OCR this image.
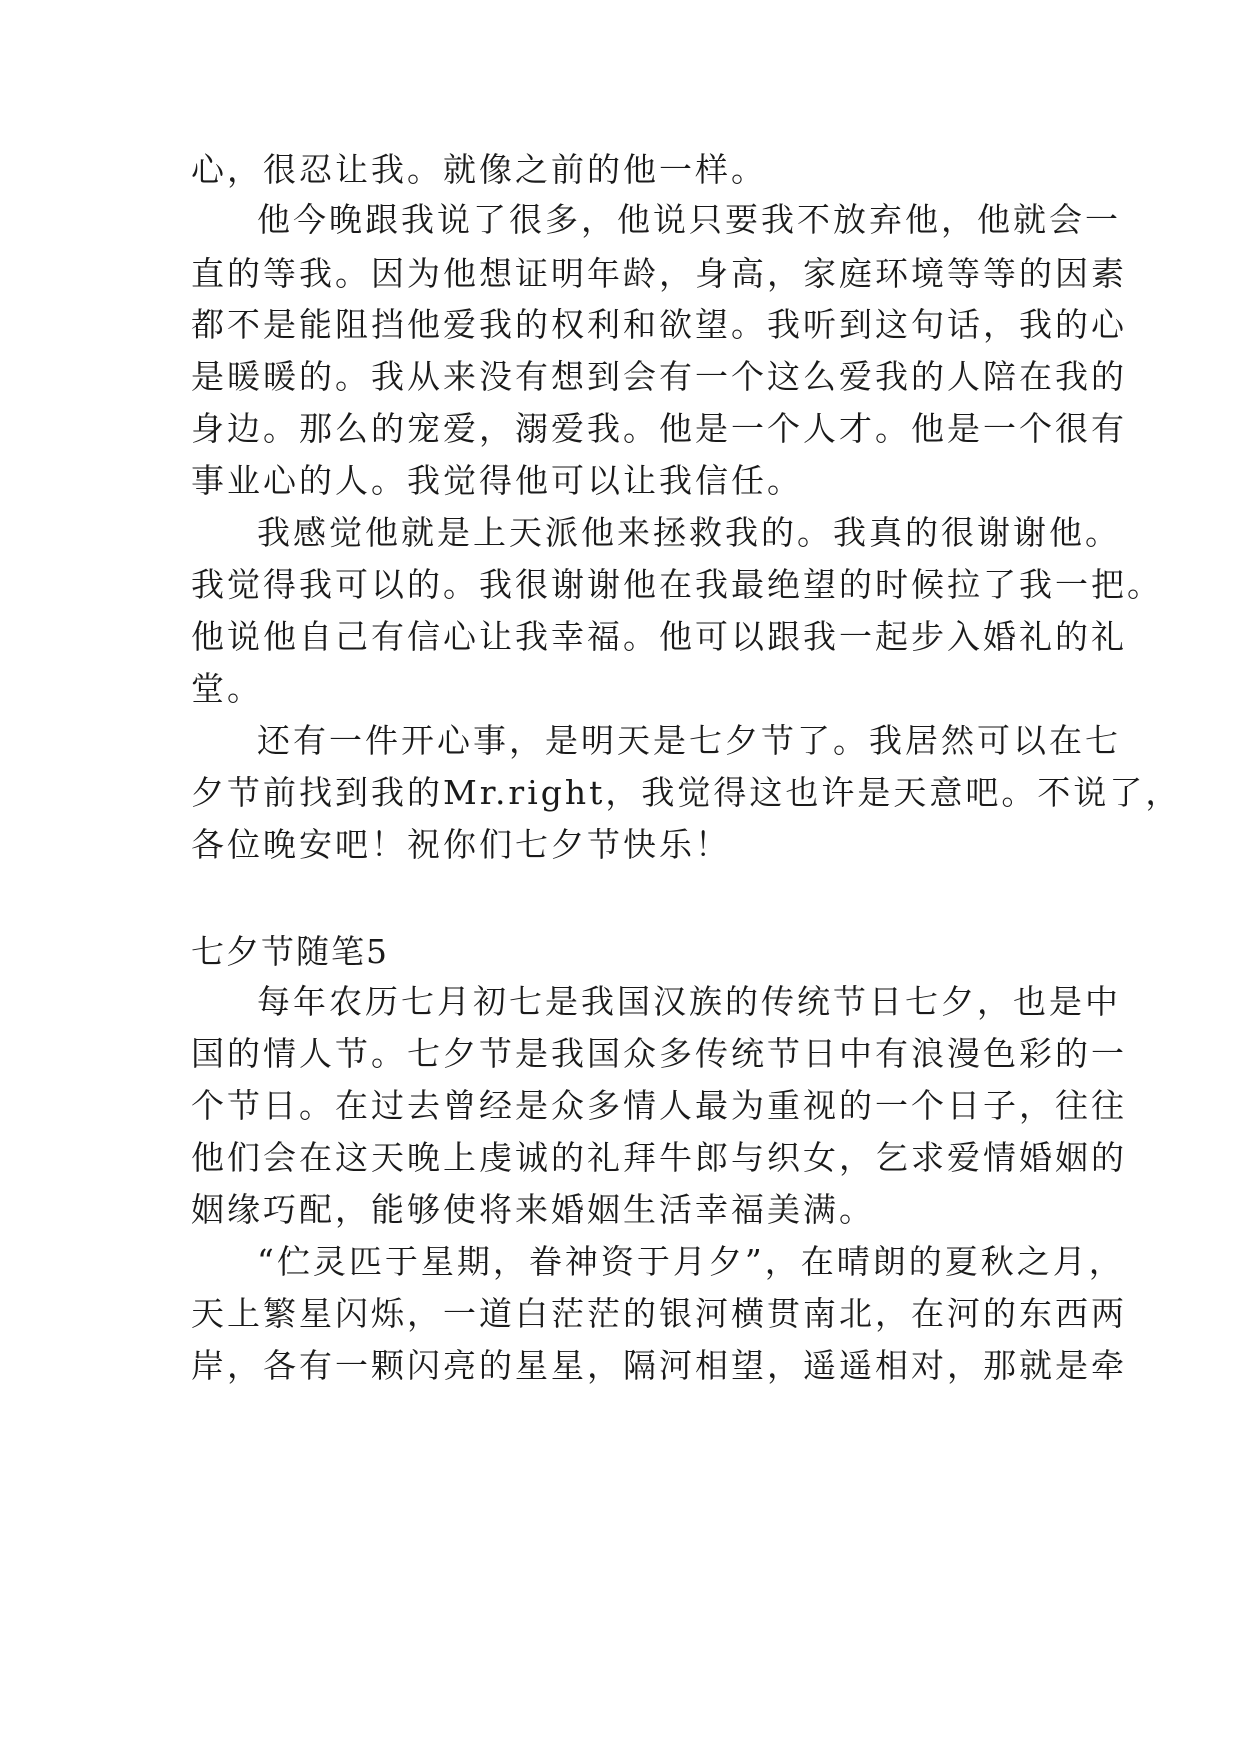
心，很忍让我。就像之前的他一样。
他今晚跟我说了很多，他说只要我不放弃他，他就会一
直的等我。因为他想证明年龄，身高，家庭环境等等的因素
都不是能阻挡他爱我的权利和欲望。我听到这句话，我的心
是暖暖的。我从来没有想到会有一个这么爱我的人陪在我的
身边。那么的宠爱，溺爱我。他是一个人才。他是一个很有
事业心的人。我觉得他可以让我信任。
我感觉他就是上天派他来拯救我的。我真的很谢谢他。
我觉得我可以的。我很谢谢他在我最绝望的时候拉了我一把。
他说他自己有信心让我幸福。他可以跟我一起步入婚礼的礼
堂。
还有一件开心事，是明天是七夕节了。我居然可以在七
夕节前找到我的Mr.right，我觉得这也许是天意吧。不说了，
各位晚安吧！祝你们七夕节快乐！
七夕节随笔5
每年农历七月初七是我国汉族的传统节日七夕，也是中
国的情人节。七夕节是我国众多传统节日中有浪漫色彩的一
个节日。在过去曾经是众多情人最为重视的一个日子，往往
他们会在这天晚上虔诚的礼拜牛郎与织女，乞求爱情婚姻的
姻缘巧配，能够使将来婚姻生活幸福美满。
“伫灵匹于星期，眷神资于月夕”，在晴朗的夏秋之月，
天上繁星闪烁，一道白茫茫的银河横贯南北，在河的东西两
岸，各有一颗闪亮的星星，隔河相望，遥遥相对，那就是牵
